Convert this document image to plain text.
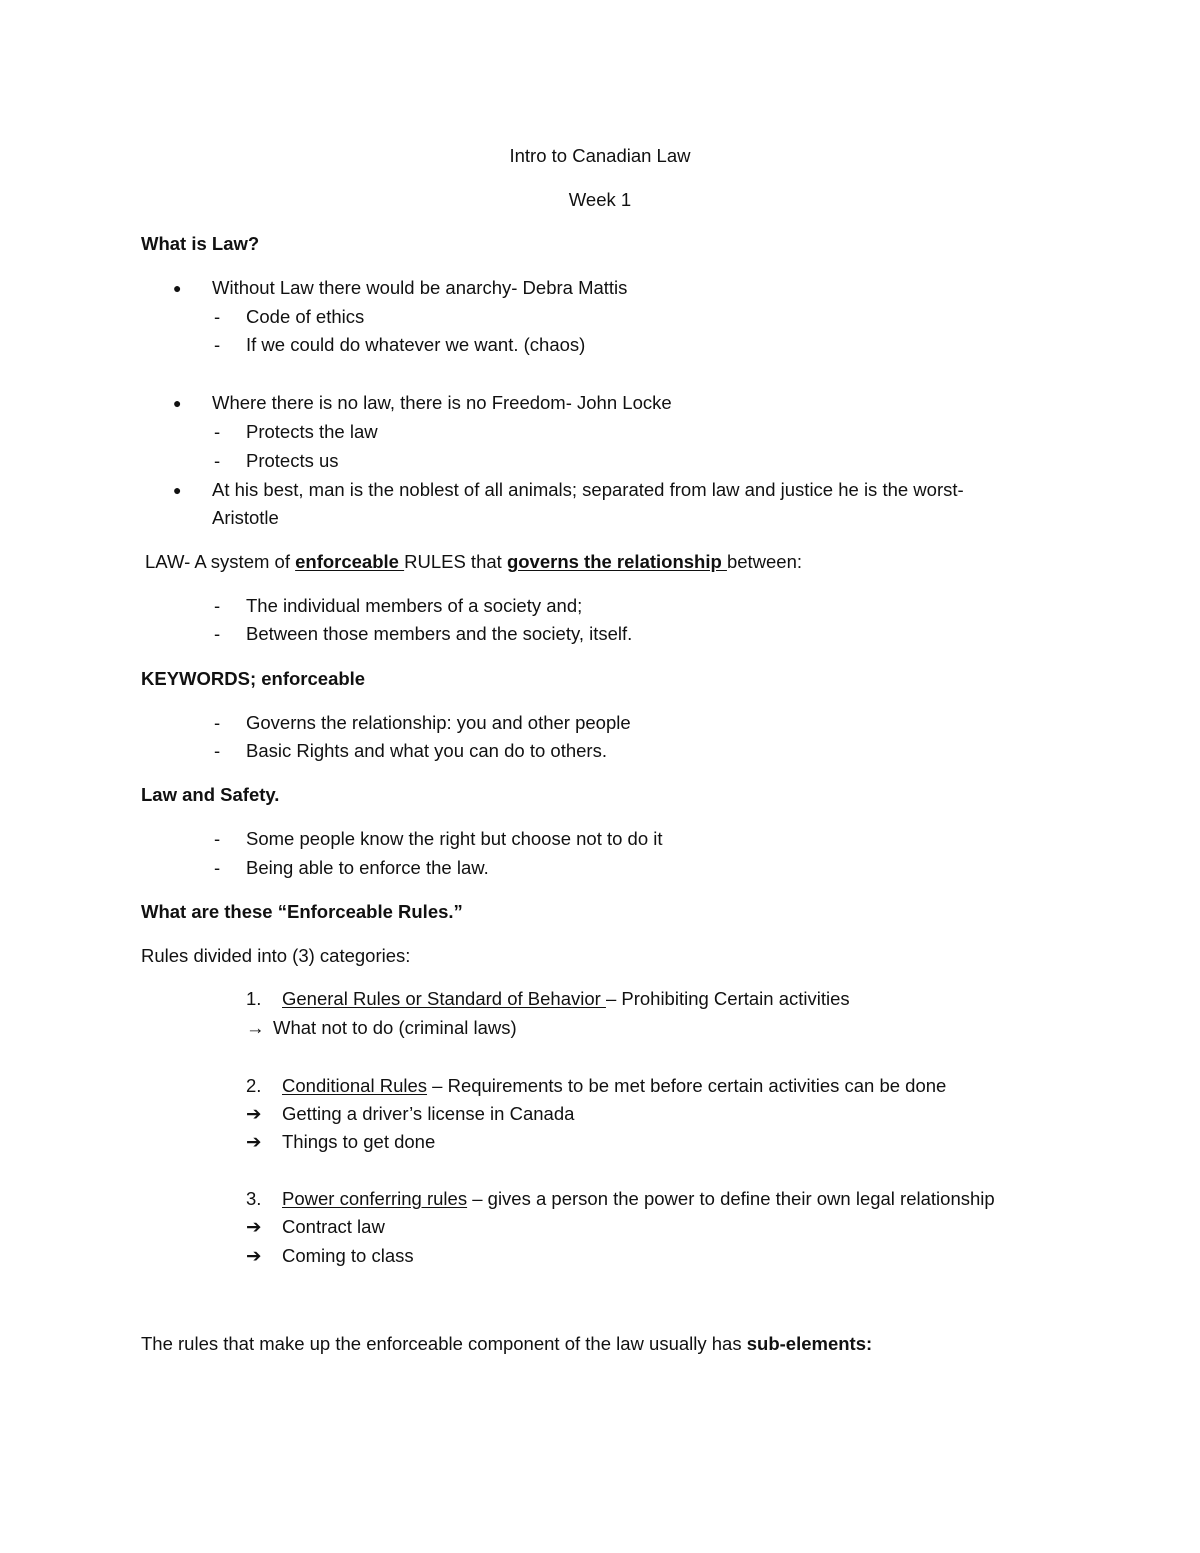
Intro to Canadian Law
Week 1
What is Law?
● Without Law there would be anarchy- Debra Mattis
- Code of ethics
- If we could do whatever we want. (chaos)
● Where there is no law, there is no Freedom- John Locke
- Protects the law
- Protects us
● At his best, man is the noblest of all animals; separated from law and justice he is the worst-
Aristotle
LAW- A system of enforceable RULES that governs the relationship between:
- The individual members of a society and;
- Between those members and the society, itself.
KEYWORDS; enforceable
- Governs the relationship: you and other people
- Basic Rights and what you can do to others.
Law and Safety.
- Some people know the right but choose not to do it
- Being able to enforce the law.
What are these “Enforceable Rules.”
Rules divided into (3) categories:
1. General Rules or Standard of Behavior – Prohibiting Certain activities
→ What not to do (criminal laws)
2. Conditional Rules – Requirements to be met before certain activities can be done
➔ Getting a driver’s license in Canada
➔ Things to get done
3. Power conferring rules – gives a person the power to define their own legal relationship
➔ Contract law
➔ Coming to class
The rules that make up the enforceable component of the law usually has sub-elements:
